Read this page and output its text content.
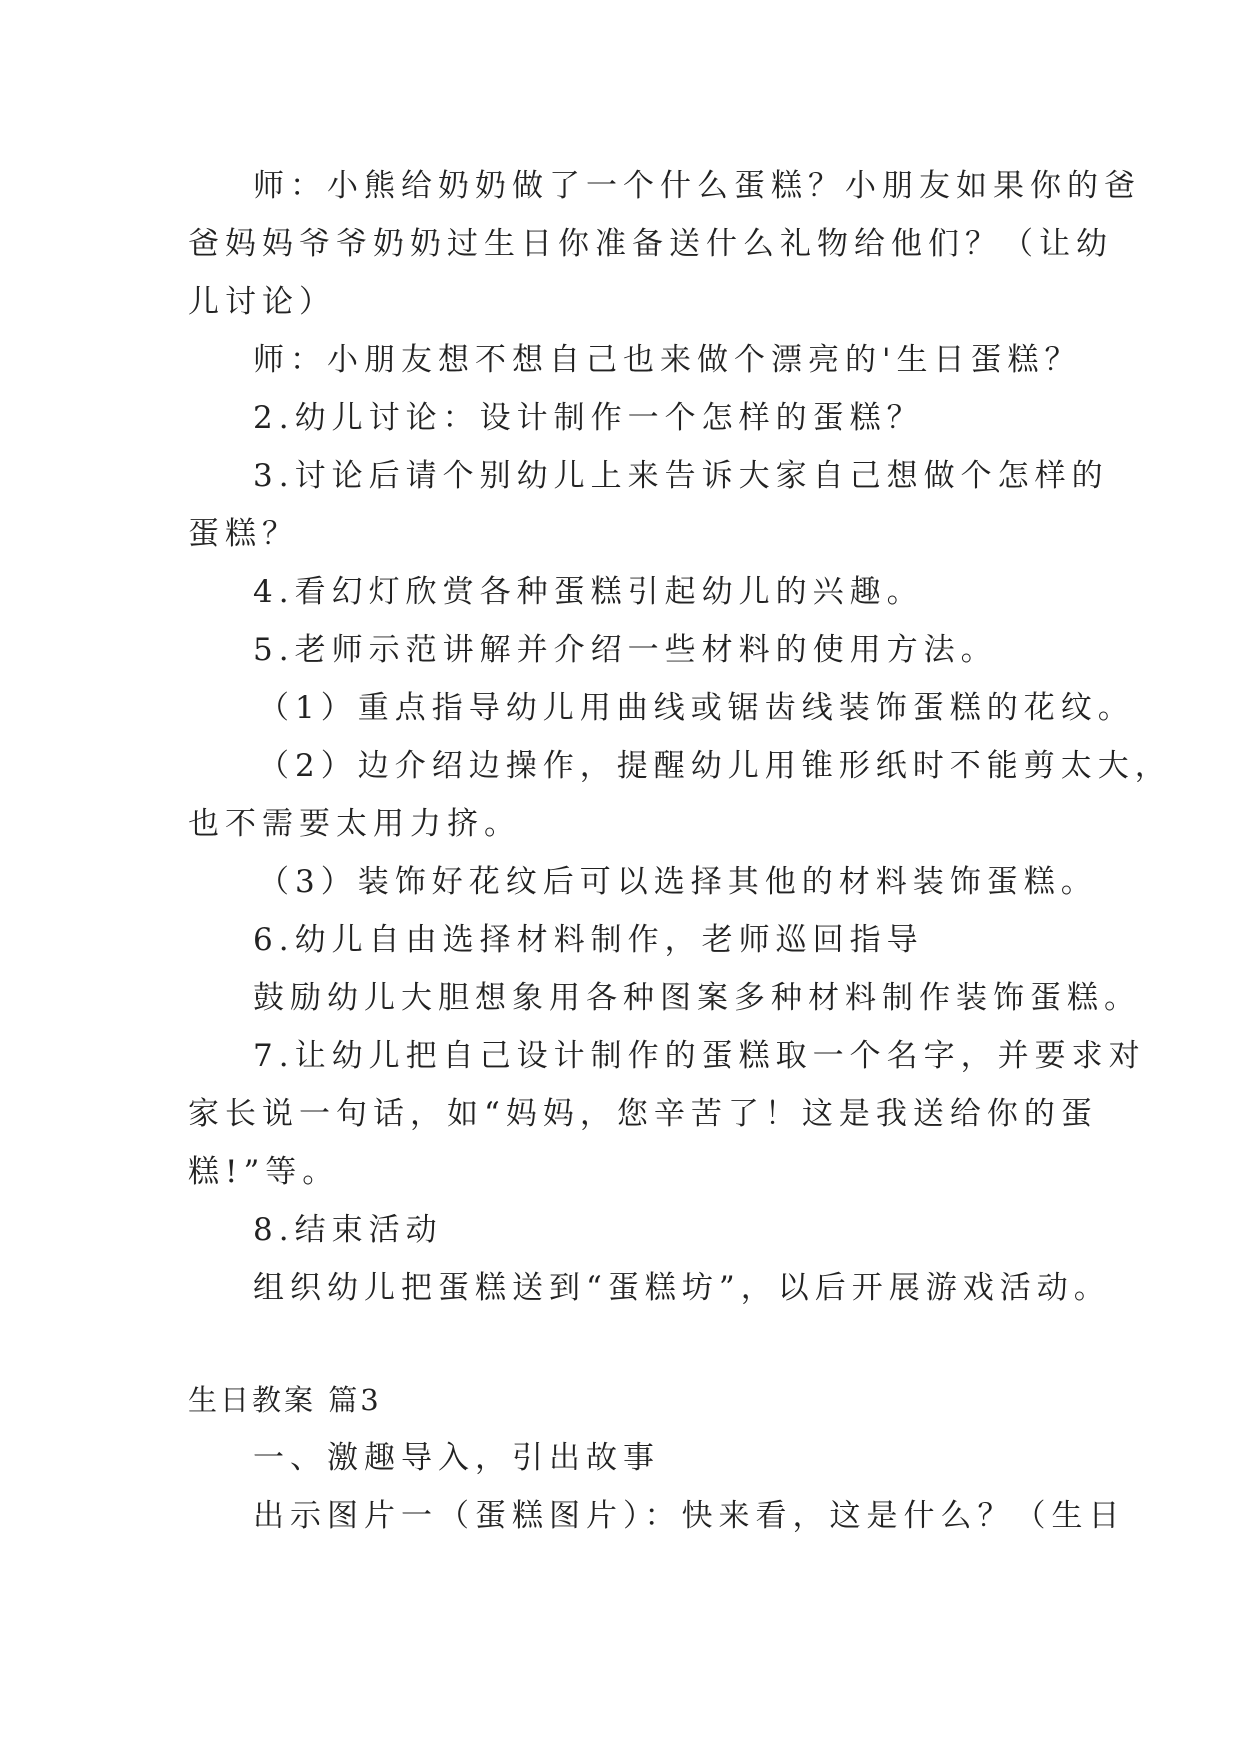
师：小熊给奶奶做了一个什么蛋糕？小朋友如果你的爸
爸妈妈爷爷奶奶过生日你准备送什么礼物给他们？（让幼
儿讨论）
师：小朋友想不想自己也来做个漂亮的'生日蛋糕？
2.幼儿讨论：设计制作一个怎样的蛋糕？
3.讨论后请个别幼儿上来告诉大家自己想做个怎样的
蛋糕？
4.看幻灯欣赏各种蛋糕引起幼儿的兴趣。
5.老师示范讲解并介绍一些材料的使用方法。
（1）重点指导幼儿用曲线或锯齿线装饰蛋糕的花纹。
（2）边介绍边操作，提醒幼儿用锥形纸时不能剪太大，
也不需要太用力挤。
（3）装饰好花纹后可以选择其他的材料装饰蛋糕。
6.幼儿自由选择材料制作，老师巡回指导
鼓励幼儿大胆想象用各种图案多种材料制作装饰蛋糕。
7.让幼儿把自己设计制作的蛋糕取一个名字，并要求对
家长说一句话，如“妈妈，您辛苦了！这是我送给你的蛋
糕!”等。
8.结束活动
组织幼儿把蛋糕送到“蛋糕坊”，以后开展游戏活动。
生日教案 篇3
一、激趣导入，引出故事
出示图片一（蛋糕图片）：快来看，这是什么？（生日
